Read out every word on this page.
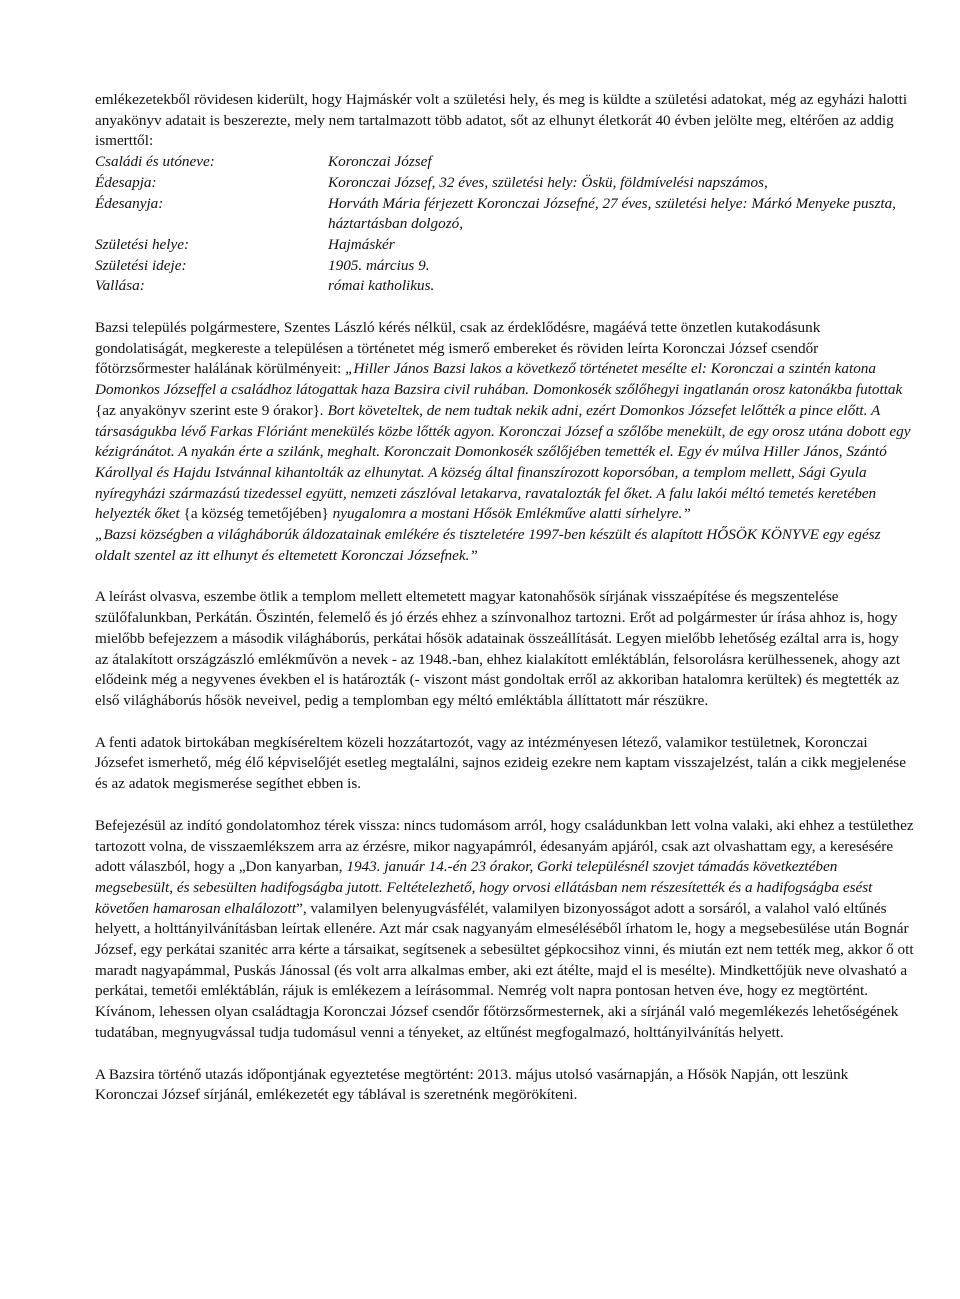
emlékezetekből rövidesen kiderült, hogy Hajmáskér volt a születési hely, és meg is küldte a születési adatokat, még az egyházi halotti anyakönyv adatait is beszerezte, mely nem tartalmazott több adatot, sőt az elhunyt életkorát 40 évben jelölte meg, eltérően az addig ismerttől:

Családi és utóneve:	Koronczai József
Édesapja:	Koronczai József, 32 éves, születési hely: Öskü, földmívelési napszámos,
Édesanyja:	Horváth Mária férjezett Koronczai Józsefné, 27 éves, születési helye: Márkó Menyeke puszta, háztartásban dolgozó,
Születési helye:	Hajmáskér
Születési ideje:	1905. március 9.
Vallása:	római katholikus.

Bazsi település polgármestere, Szentes László kérés nélkül, csak az érdeklődésre, magáévá tette önzetlen kutakodásunk gondolatiságát, megkereste a településen a történetet még ismerő embereket és röviden leírta Koronczai József csendőr főtörzsőrmester halálának körülményeit: „Hiller János Bazsi lakos a következő történetet mesélte el: Koronczai a szintén katona Domonkos Józseffel a családhoz látogattak haza Bazsira civil ruhában. Domonkosék szőlőhegyi ingatlanán orosz katonákba futottak {az anyakönyv szerint este 9 órakor}. Bort követeltek, de nem tudtak nekik adni, ezért Domonkos Józsefet lelőtték a pince előtt. A társaságukba lévő Farkas Flóriánt menekülés közbe lőtték agyon. Koronczai József a szőlőbe menekült, de egy orosz utána dobott egy kézigránátot. A nyakán érte a szilánk, meghalt. Koronczait Domonkosék szőlőjében temették el. Egy év múlva Hiller János, Szántó Károllyal és Hajdu Istvánnal kihantolták az elhunytat. A község által finanszírozott koporsóban, a templom mellett, Sági Gyula nyíregyházi származású tizedessel együtt, nemzeti zászlóval letakarva, ravatalozták fel őket. A falu lakói méltó temetés keretében helyezték őket {a község temetőjében} nyugalomra a mostani Hősök Emlékműve alatti sírhelyre.”
„Bazsi községben a világháborúk áldozatainak emlékére és tiszteletére 1997-ben készült és alapított HŐSÖK KÖNYVE egy egész oldalt szentel az itt elhunyt és eltemetett Koronczai Józsefnek.”

A leírást olvasva, eszembe ötlik a templom mellett eltemetett magyar katonahősök sírjának visszaépítése és megszentelése szülőfalunkban, Perkátán. Őszintén, felemelő és jó érzés ehhez a színvonalhoz tartozni. Erőt ad polgármester úr írása ahhoz is, hogy mielőbb befejezzem a második világháborús, perkátai hősök adatainak összeállítását. Legyen mielőbb lehetőség ezáltal arra is, hogy az átalakított országzászló emlékművön a nevek - az 1948.-ban, ehhez kialakított emléktáblán, felsorolásra kerülhessenek, ahogy azt elődeink még a negyvenes években el is határozták (- viszont mást gondoltak erről az akkoriban hatalomra kerültek) és megtették az első világháborús hősök neveivel, pedig a templomban egy méltó emléktábla állíttatott már részükre.

A fenti adatok birtokában megkíséreltem közeli hozzátartozót, vagy az intézményesen létező, valamikor testületnek, Koronczai Józsefet ismerhető, még élő képviselőjét esetleg megtalálni, sajnos ezideig ezekre nem kaptam visszajelzést, talán a cikk megjelenése és az adatok megismerése segíthet ebben is.

Befejezésül az indító gondolatomhoz térek vissza: nincs tudomásom arról, hogy családunkban lett volna valaki, aki ehhez a testülethez tartozott volna, de visszaemlékszem arra az érzésre, mikor nagyapámról, édesanyám apjáról, csak azt olvashattam egy, a keresésére adott válaszból, hogy a „Don kanyarban, 1943. január 14.-én 23 órakor, Gorki településnél szovjet támadás következtében megsebesült, és sebesülten hadifogságba jutott. Feltételezhető, hogy orvosi ellátásban nem részesítették és a hadifogságba esést követően hamarosan elhalálozott”, valamilyen belenyugvásfélét, valamilyen bizonyosságot adott a sorsáról, a valahol való eltűnés helyett, a holttányilvánításban leírtak ellenére. Azt már csak nagyanyám elmeséléséből írhatom le, hogy a megsebesülése után Bognár József, egy perkátai szanitéc arra kérte a társaikat, segítsenek a sebesültet gépkocsihoz vinni, és miután ezt nem tették meg, akkor ő ott maradt nagyapámmal, Puskás Jánossal (és volt arra alkalmas ember, aki ezt átélte, majd el is mesélte). Mindkettőjük neve olvasható a perkátai, temetői emléktáblán, rájuk is emlékezem a leírásommal. Nemrég volt napra pontosan hetven éve, hogy ez megtörtént.
Kívánom, lehessen olyan családtagja Koronczai József csendőr főtörzsőrmesternek, aki a sírjánál való megemlékezés lehetőségének tudatában, megnyugvással tudja tudomásul venni a tényeket, az eltűnést megfogalmazó, holttányilvánítás helyett.

A Bazsira történő utazás időpontjának egyeztetése megtörtént: 2013. május utolsó vasárnapján, a Hősök Napján, ott leszünk Koronczai József sírjánál, emlékezetét egy táblával is szeretnénk megörökíteni.
